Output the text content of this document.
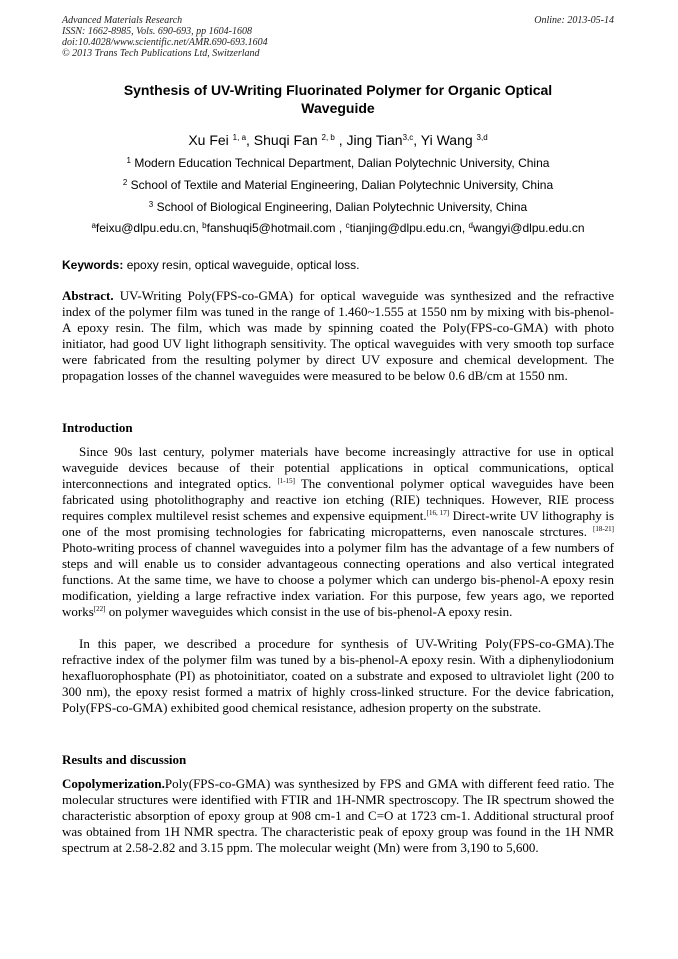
Advanced Materials Research
ISSN: 1662-8985, Vols. 690-693, pp 1604-1608
doi:10.4028/www.scientific.net/AMR.690-693.1604
© 2013 Trans Tech Publications Ltd, Switzerland
Online: 2013-05-14
Synthesis of UV-Writing Fluorinated Polymer for Organic Optical
Waveguide
Xu Fei $^{1, a}$, Shuqi Fan $^{2, b}$ , Jing Tian$^{3,c}$, Yi Wang $^{3,d}$
$^1$ Modern Education Technical Department, Dalian Polytechnic University, China
$^2$ School of Textile and Material Engineering, Dalian Polytechnic University, China
$^3$ School of Biological Engineering, Dalian Polytechnic University, China
$^a$feixu@dlpu.edu.cn, $^b$fanshuqi5@hotmail.com , $^c$tianjing@dlpu.edu.cn, $^d$wangyi@dlpu.edu.cn
Keywords: epoxy resin, optical waveguide, optical loss.
Abstract. UV-Writing Poly(FPS-co-GMA) for optical waveguide was synthesized and the refractive index of the polymer film was tuned in the range of 1.460~1.555 at 1550 nm by mixing with bis-phenol-A epoxy resin. The film, which was made by spinning coated the Poly(FPS-co-GMA) with photo initiator, had good UV light lithograph sensitivity. The optical waveguides with very smooth top surface were fabricated from the resulting polymer by direct UV exposure and chemical development. The propagation losses of the channel waveguides were measured to be below 0.6 dB/cm at 1550 nm.
Introduction
Since 90s last century, polymer materials have become increasingly attractive for use in optical waveguide devices because of their potential applications in optical communications, optical interconnections and integrated optics. [1-15] The conventional polymer optical waveguides have been fabricated using photolithography and reactive ion etching (RIE) techniques. However, RIE process requires complex multilevel resist schemes and expensive equipment.[16, 17] Direct-write UV lithography is one of the most promising technologies for fabricating micropatterns, even nanoscale strctures. [18-21] Photo-writing process of channel waveguides into a polymer film has the advantage of a few numbers of steps and will enable us to consider advantageous connecting operations and also vertical integrated functions. At the same time, we have to choose a polymer which can undergo bis-phenol-A epoxy resin modification, yielding a large refractive index variation. For this purpose, few years ago, we reported works[22] on polymer waveguides which consist in the use of bis-phenol-A epoxy resin.
In this paper, we described a procedure for synthesis of UV-Writing Poly(FPS-co-GMA).The refractive index of the polymer film was tuned by a bis-phenol-A epoxy resin. With a diphenyliodonium hexafluorophosphate (PI) as photoinitiator, coated on a substrate and exposed to ultraviolet light (200 to 300 nm), the epoxy resist formed a matrix of highly cross-linked structure. For the device fabrication, Poly(FPS-co-GMA) exhibited good chemical resistance, adhesion property on the substrate.
Results and discussion
Copolymerization.Poly(FPS-co-GMA) was synthesized by FPS and GMA with different feed ratio. The molecular structures were identified with FTIR and 1H-NMR spectroscopy. The IR spectrum showed the characteristic absorption of epoxy group at 908 cm-1 and C=O at 1723 cm-1. Additional structural proof was obtained from 1H NMR spectra. The characteristic peak of epoxy group was found in the 1H NMR spectrum at 2.58-2.82 and 3.15 ppm. The molecular weight (Mn) were from 3,190 to 5,600.
